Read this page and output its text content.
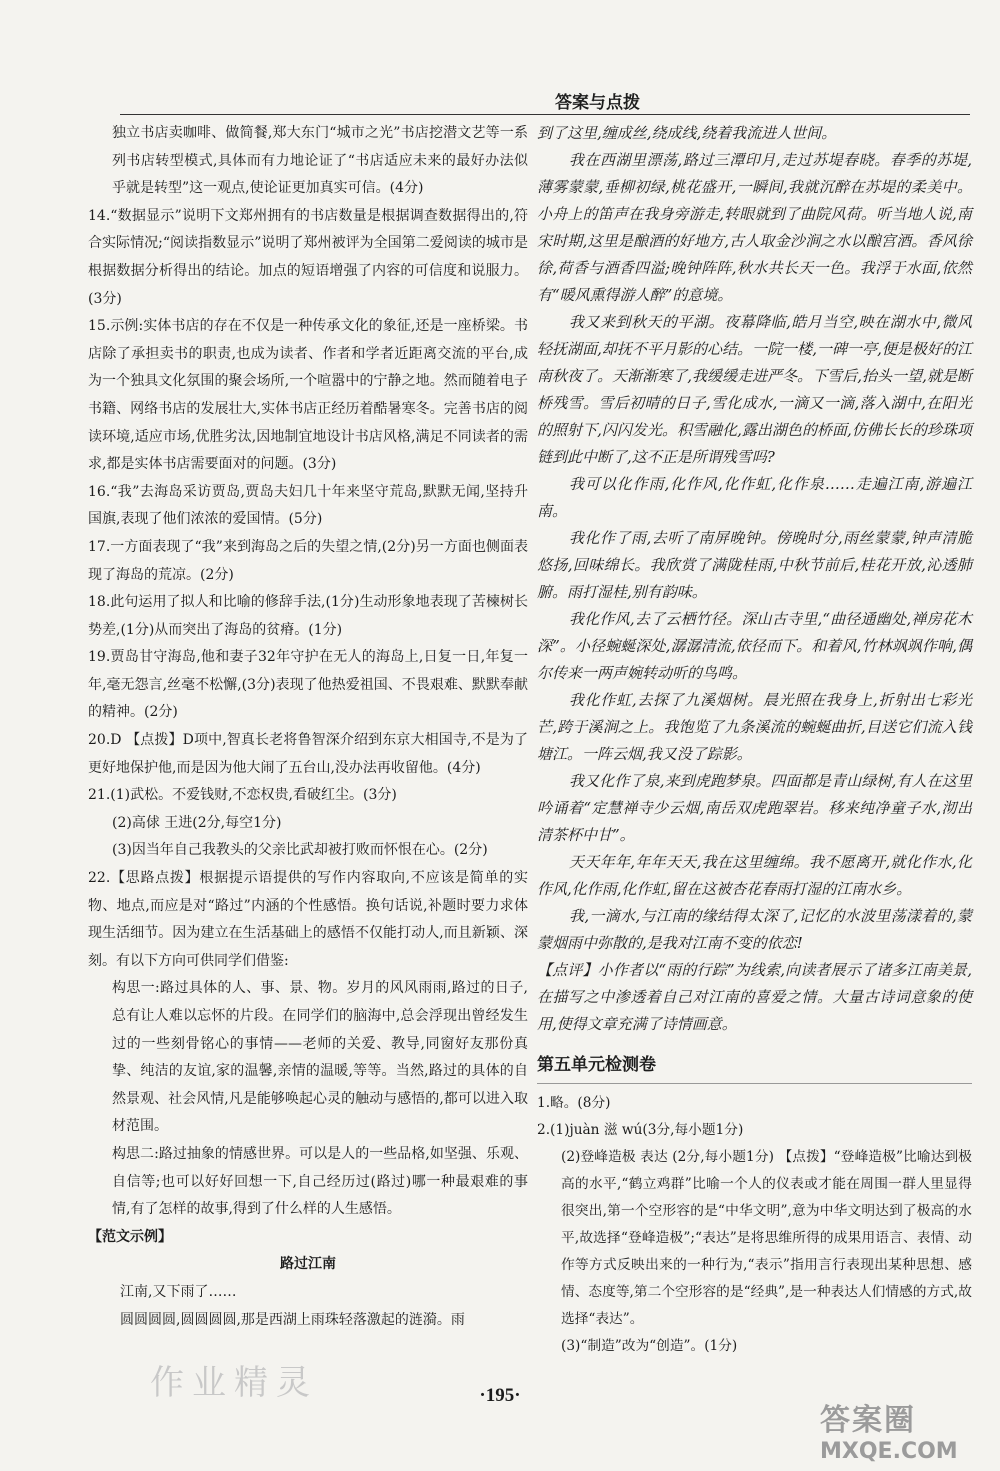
答案与点拨

独立书店卖咖啡、做简餐,郑大东门“城市之光”书店挖潜文艺等一系列书店转型模式,具体而有力地论证了“书店适应未来的最好办法似乎就是转型”这一观点,使论证更加真实可信。(4分)

14.“数据显示”说明下文郑州拥有的书店数量是根据调查数据得出的,符合实际情况;“阅读指数显示”说明了郑州被评为全国第二爱阅读的城市是根据数据分析得出的结论。加点的短语增强了内容的可信度和说服力。(3分)

15.示例:实体书店的存在不仅是一种传承文化的象征,还是一座桥梁。书店除了承担卖书的职责,也成为读者、作者和学者近距离交流的平台,成为一个独具文化氛围的聚会场所,一个喧嚣中的宁静之地。然而随着电子书籍、网络书店的发展壮大,实体书店正经历着酷暑寒冬。完善书店的阅读环境,适应市场,优胜劣汰,因地制宜地设计书店风格,满足不同读者的需求,都是实体书店需要面对的问题。(3分)

16.“我”去海岛采访贾岛,贾岛夫妇几十年来坚守荒岛,默默无闻,坚持升国旗,表现了他们浓浓的爱国情。(5分)

17.一方面表现了“我”来到海岛之后的失望之情,(2分)另一方面也侧面表现了海岛的荒凉。(2分)

18.此句运用了拟人和比喻的修辞手法,(1分)生动形象地表现了苦楝树长势差,(1分)从而突出了海岛的贫瘠。(1分)

19.贾岛甘守海岛,他和妻子32年守护在无人的海岛上,日复一日,年复一年,毫无怨言,丝毫不松懈,(3分)表现了他热爱祖国、不畏艰难、默默奉献的精神。(2分)

20.D 【点拨】D项中,智真长老将鲁智深介绍到东京大相国寺,不是为了更好地保护他,而是因为他大闹了五台山,没办法再收留他。(4分)

21.(1)武松。不爱钱财,不恋权贵,看破红尘。(3分)

(2)高俅 王进(2分,每空1分)

(3)因当年自己我教头的父亲比武却被打败而怀恨在心。(2分)

22.【思路点拨】根据提示语提供的写作内容取向,不应该是简单的实物、地点,而应是对“路过”内涵的个性感悟。换句话说,补题时要力求体现生活细节。因为建立在生活基础上的感悟不仅能打动人,而且新颖、深刻。有以下方向可供同学们借鉴:

构思一:路过具体的人、事、景、物。岁月的风风雨雨,路过的日子,总有让人难以忘怀的片段。在同学们的脑海中,总会浮现出曾经发生过的一些刻骨铭心的事情——老师的关爱、教导,同窗好友那份真挚、纯洁的友谊,家的温馨,亲情的温暖,等等。当然,路过的具体的自然景观、社会风情,凡是能够唤起心灵的触动与感悟的,都可以进入取材范围。

构思二:路过抽象的情感世界。可以是人的一些品格,如坚强、乐观、自信等;也可以好好回想一下,自己经历过(路过)哪一种最艰难的事情,有了怎样的故事,得到了什么样的人生感悟。

【范文示例】

路过江南

江南,又下雨了……

圆圆圆圆,圆圆圆圆,那是西湖上雨珠轻落激起的涟漪。雨

到了这里,缠成丝,绕成线,绕着我流进人世间。

我在西湖里漂荡,路过三潭印月,走过苏堤春晓。春季的苏堤,薄雾蒙蒙,垂柳初绿,桃花盛开,一瞬间,我就沉醉在苏堤的柔美中。小舟上的笛声在我身旁游走,转眼就到了曲院风荷。听当地人说,南宋时期,这里是酿酒的好地方,古人取金沙涧之水以酿宫酒。香风徐徐,荷香与酒香四溢;晚钟阵阵,秋水共长天一色。我浮于水面,依然有“暖风熏得游人醉”的意境。

我又来到秋天的平湖。夜幕降临,皓月当空,映在湖水中,微风轻抚湖面,却抚不平月影的心结。一院一楼,一碑一亭,便是极好的江南秋夜了。天渐渐寒了,我缓缓走进严冬。下雪后,抬头一望,就是断桥残雪。雪后初晴的日子,雪化成水,一滴又一滴,落入湖中,在阳光的照射下,闪闪发光。积雪融化,露出湖色的桥面,仿佛长长的珍珠项链到此中断了,这不正是所谓残雪吗?

我可以化作雨,化作风,化作虹,化作泉……走遍江南,游遍江南。

我化作了雨,去听了南屏晚钟。傍晚时分,雨丝蒙蒙,钟声清脆悠扬,回味绵长。我欣赏了满陇桂雨,中秋节前后,桂花开放,沁透肺腑。雨打湿桂,别有韵味。

我化作风,去了云栖竹径。深山古寺里,“曲径通幽处,禅房花木深”。小径蜿蜒深处,潺潺清流,依径而下。和着风,竹林飒飒作响,偶尔传来一两声婉转动听的鸟鸣。

我化作虹,去探了九溪烟树。晨光照在我身上,折射出七彩光芒,跨于溪涧之上。我饱览了九条溪流的蜿蜒曲折,目送它们流入钱塘江。一阵云烟,我又没了踪影。

我又化作了泉,来到虎跑梦泉。四面都是青山绿树,有人在这里吟诵着“定慧禅寺少云烟,南岳双虎跑翠岩。移来纯净童子水,沏出清茶杯中甘”。

天天年年,年年天天,我在这里缠绵。我不愿离开,就化作水,化作风,化作雨,化作虹,留在这被杏花春雨打湿的江南水乡。

我,一滴水,与江南的缘结得太深了,记忆的水波里荡漾着的,蒙蒙烟雨中弥散的,是我对江南不变的依恋!

【点评】小作者以“雨的行踪”为线索,向读者展示了诸多江南美景,在描写之中渗透着自己对江南的喜爱之情。大量古诗词意象的使用,使得文章充满了诗情画意。

第五单元检测卷

1.略。(8分)

2.(1)juàn 滋 wú(3分,每小题1分)

(2)登峰造极 表达 (2分,每小题1分) 【点拨】“登峰造极”比喻达到极高的水平,“鹤立鸡群”比喻一个人的仪表或才能在周围一群人里显得很突出,第一个空形容的是“中华文明”,意为中华文明达到了极高的水平,故选择“登峰造极”;“表达”是将思维所得的成果用语言、表情、动作等方式反映出来的一种行为,“表示”指用言行表现出某种思想、感情、态度等,第二个空形容的是“经典”,是一种表达人们情感的方式,故选择“表达”。

(3)“制造”改为“创造”。(1分)

作业精灵	·195·
答案圈
MXQE.COM
